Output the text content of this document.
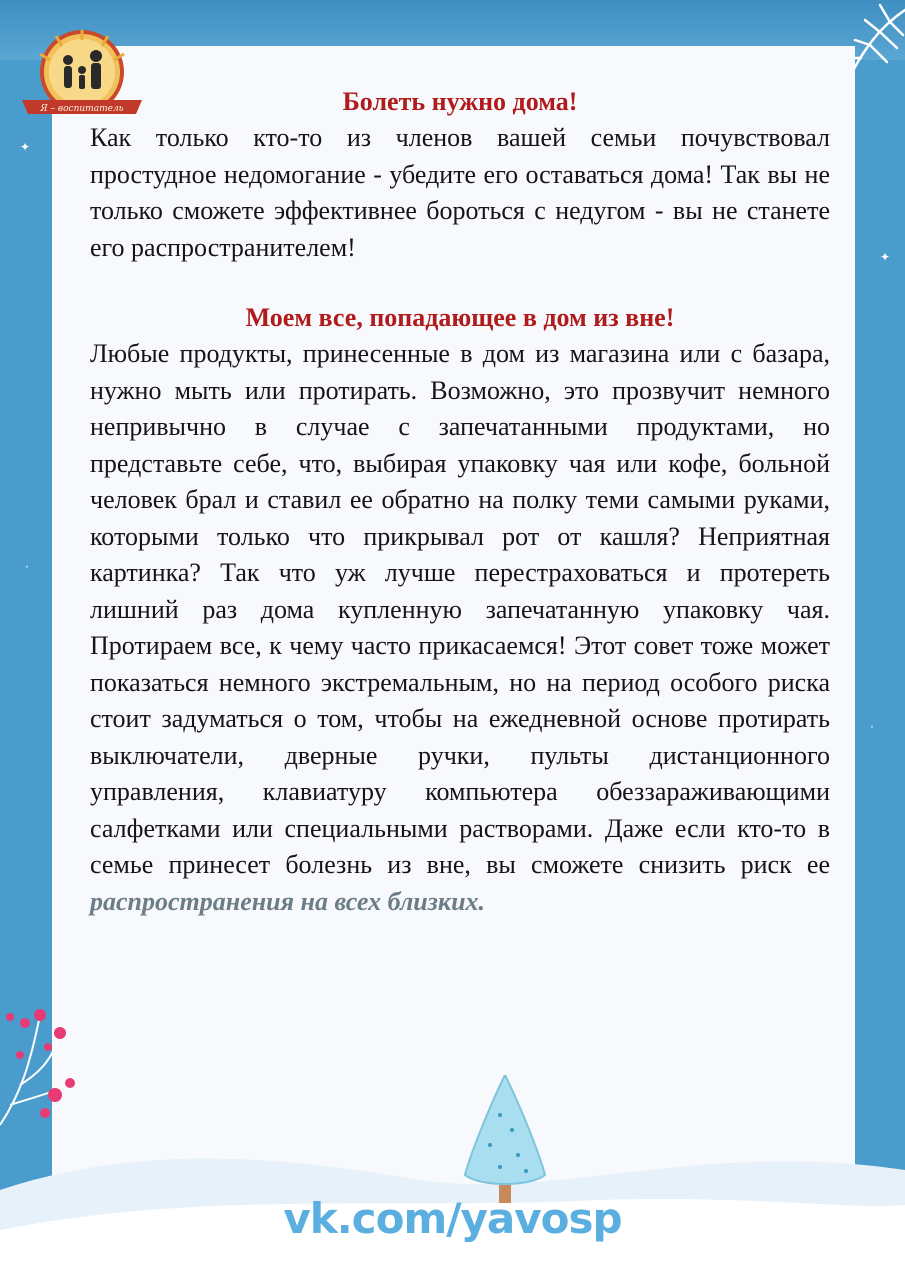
Я – воспитатель	Болеть нужно дома!

Как только кто-то из членов вашей семьи почувствовал простудное недомогание - убедите его оставаться дома! Так вы не только сможете эффективнее бороться с недугом - вы не станете его распространителем!

Моем все, попадающее в дом из вне!

Любые продукты, принесенные в дом из магазина или с базара, нужно мыть или протирать. Возможно, это прозвучит немного непривычно в случае с запечатанными продуктами, но представьте себе, что, выбирая упаковку чая или кофе, больной человек брал и ставил ее обратно на полку теми самыми руками, которыми только что прикрывал рот от кашля? Неприятная картинка? Так что уж лучше перестраховаться и протереть лишний раз дома купленную запечатанную упаковку чая. Протираем все, к чему часто прикасаемся! Этот совет тоже может показаться немного экстремальным, но на период особого риска стоит задуматься о том, чтобы на ежедневной основе протирать выключатели, дверные ручки, пульты дистанционного управления, клавиатуру компьютера обеззараживающими салфетками или специальными растворами. Даже если кто-то в семье принесет болезнь из вне, вы сможете снизить риск ее распространения на всех близких.

vk.com/yavosp
✦
✦
·
·
